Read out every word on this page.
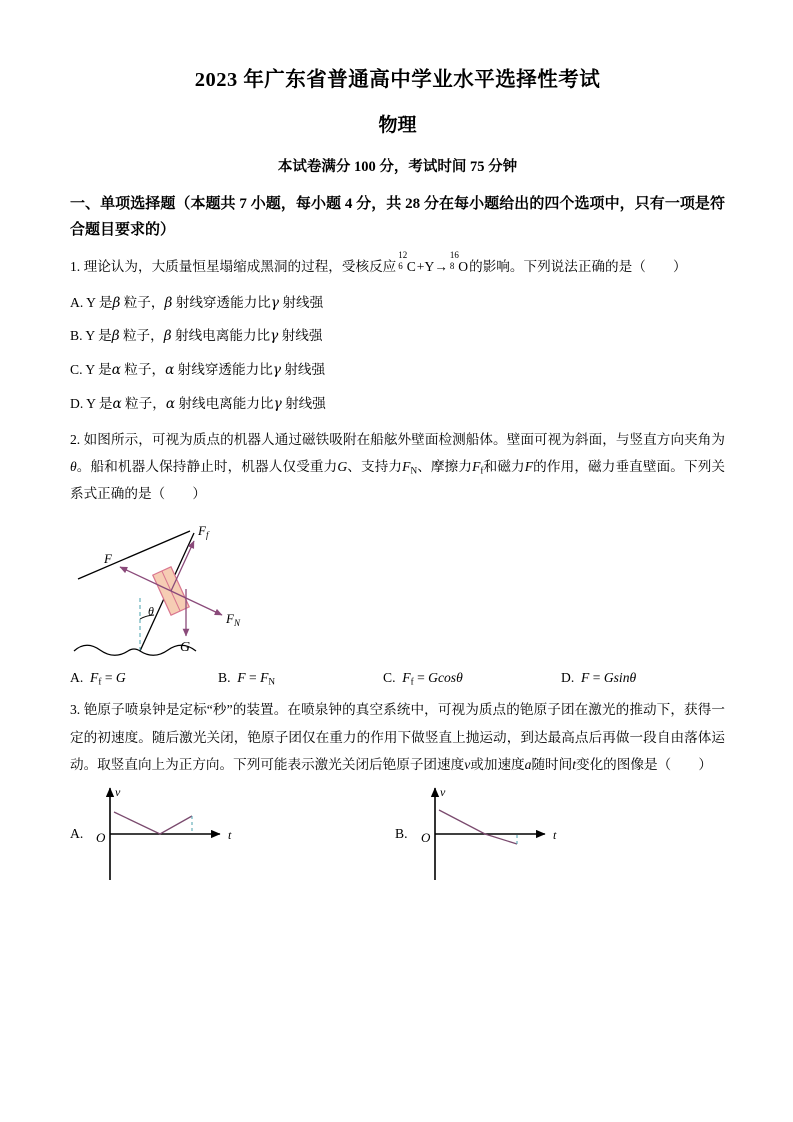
2023 年广东省普通高中学业水平选择性考试
物理
本试卷满分 100 分，考试时间 75 分钟
一、单项选择题（本题共 7 小题，每小题 4 分，共 28 分在每小题给出的四个选项中，只有一项是符合题目要求的）
1. 理论认为，大质量恒星塌缩成黑洞的过程，受核反应
12
6 C+Y→
16
8 O的影响。下列说法正确的是（　　）
A. Y 是β 粒子，β 射线穿透能力比γ 射线强
B. Y 是β 粒子，β 射线电离能力比γ 射线强
C. Y 是α 粒子，α 射线穿透能力比γ 射线强
D. Y 是α 粒子，α 射线电离能力比γ 射线强
2. 如图所示，可视为质点的机器人通过磁铁吸附在船舷外壁面检测船体。壁面可视为斜面，与竖直方向夹角为θ。船和机器人保持静止时，机器人仅受重力G、支持力$F_N$、摩擦力$F_f$和磁力F的作用，磁力垂直壁面。下列关系式正确的是（　　）
$F_f$
F
$F_N$
G
θ
A. $F_f = G$	B. $F = F_N$	C. $F_f = Gcos\theta$	D. F = Gsinθ
3. 铯原子喷泉钟是定标“秒”的装置。在喷泉钟的真空系统中，可视为质点的铯原子团在激光的推动下，获得一定的初速度。随后激光关闭，铯原子团仅在重力的作用下做竖直上抛运动，到达最高点后再做一段自由落体运动。取竖直向上为正方向。下列可能表示激光关闭后铯原子团速度v或加速度a随时间t变化的图像是（　　）
A. O
v
t	B. O
v
t
